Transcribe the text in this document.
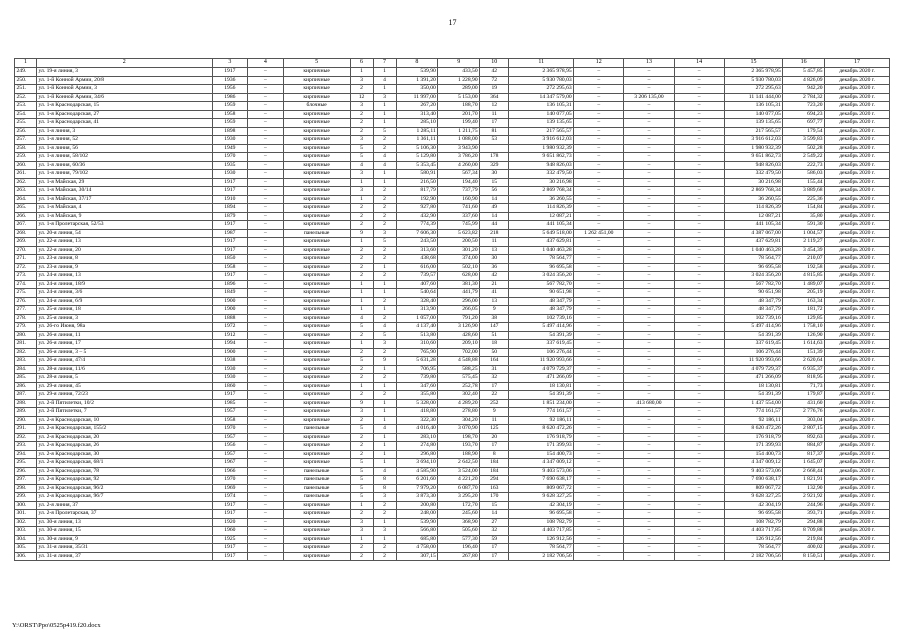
17
1	2	3	4	5	6	7	8	9	10	11	12	13	14	15	16	17
249.	ул. 19-я линия, 3	1917	–	кирпичные	1	1	539,90	433,50	42	2 365 978,95	–	–	–	2 365 978,95	5 457,85	декабрь 2020 г.
250.	ул. 1-й Конной Армии, 20/8	1936	–	кирпичные	3	4	1 391,20	1 228,90	72	5 930 780,03	–	–	–	5 930 780,03	4 826,09	декабрь 2020 г.
251.	ул. 1-й Конной Армии, 3	1956	–	кирпичные	2	1	350,00	289,00	19	272 295,63	–	–	–	272 295,63	942,20	декабрь 2020 г.
252.	ул. 1-й Конной Армии, 34/6	1986	–	кирпичные	12	3	11 997,00	5 153,00	364	14 347 579,00	–	3 206 135,00	–	11 141 444,00	2 784,32	декабрь 2020 г.
253.	ул. 1-я Краснодарская, 15	1959	–	блочные	3	1	267,20	188,70	12	136 105,31	–	–	–	136 105,31	723,20	декабрь 2020 г.
254.	ул. 1-я Краснодарская, 27	1958	–	кирпичные	2	1	313,40	201,70	11	140 077,05	–	–	–	140 077,05	694,23	декабрь 2020 г.
255.	ул. 1-я Краснодарская, 41	1959	–	кирпичные	2	1	285,10	199,40	17	139 135,65	–	–	–	139 135,65	697,77	декабрь 2020 г.
256.	ул. 1-я линия, 3	1898	–	кирпичные	2	5	1 285,11	1 211,75	81	217 565,57	–	–	–	217 565,57	179,54	декабрь 2020 г.
257.	ул. 1-я линия, 52	1930	–	кирпичные	3	2	1 361,11	1 088,00	53	3 916 612,03	–	–	–	3 916 612,03	3 599,83	декабрь 2020 г.
258.	ул. 1-я линия, 56	1949	–	кирпичные	5	2	5 106,30	3 943,90		1 980 932,39	–	–	–	1 980 932,39	502,28	декабрь 2020 г.
259.	ул. 1-я линия, 58/102	1970	–	кирпичные	5	4	5 129,80	3 786,20	178	9 651 862,73	–	–	–	9 651 862,73	2 549,22	декабрь 2020 г.
260.	ул. 1-я линия, 60/36	1935	–	кирпичные	4	4	5 353,45	4 260,00	329	948 826,03	–	–	–	948 826,03	222,73	декабрь 2020 г.
261.	ул. 1-я линия, 79/102	1930	–	кирпичные	3	1	580,91	567,34	30	332 479,50	–	–	–	332 479,50	586,03	декабрь 2020 г.
262.	ул. 1-я Майская, 29	1917	–	кирпичные	1	1	216,50	194,40	15	30 216,98	–	–	–	30 216,98	155,44	декабрь 2020 г.
263.	ул. 1-я Майская, 30/14	1917	–	кирпичные	3	2	817,79	737,79	56	2 869 768,34	–	–	–	2 869 768,34	3 889,68	декабрь 2020 г.
264.	ул. 1-я Майская, 37/17	1910	–	кирпичные	1	2	192,90	160,90	14	36 260,55	–	–	–	36 260,55	225,36	декабрь 2020 г.
265.	ул. 1-я Майская, 4	1894	–	кирпичные	2	2	927,80	741,60	49	114 826,39	–	–	–	114 826,39	154,84	декабрь 2020 г.
266.	ул. 1-я Майская, 9	1879	–	кирпичные	2	2	432,90	337,60	14	12 087,21	–	–	–	12 087,21	35,80	декабрь 2020 г.
267.	ул. 1-я Пролетарская, 52/53	1917	–	кирпичные	2	2	774,39	745,99	44	441 105,34	–	–	–	441 105,34	591,30	декабрь 2020 г.
268.	ул. 20-я линия, 54	1987	–	панельные	9	3	7 606,30	5 623,82	218	5 649 518,00	1 262 451,00	–	–	4 387 067,00	1 004,57	декабрь 2020 г.
269.	ул. 22-я линия, 13	1917	–	кирпичные	1	5	243,50	200,50	11	437 629,81	–	–	–	437 629,81	2 119,27	декабрь 2020 г.
270.	ул. 22-я линия, 20	1917	–	кирпичные	2	2	313,60	301,20	13	1 040 463,28	–	–	–	1 040 463,28	3 454,39	декабрь 2020 г.
271.	ул. 23-я линия, 8	1850	–	кирпичные	2	2	438,68	374,00	30	78 564,77	–	–	–	78 564,77	210,07	декабрь 2020 г.
272.	ул. 23-я линия, 9	1958	–	кирпичные	2	1	616,00	502,10	36	96 695,58	–	–	–	96 695,58	192,58	декабрь 2020 г.
273.	ул. 24-я линия, 13	1917	–	кирпичные	2	2	739,57	628,00	42	3 024 356,20	–	–	–	3 024 356,20	4 815,85	декабрь 2020 г.
274.	ул. 24-я линия, 18/9	1896	–	кирпичные	1	1	407,60	381,30	21	567 782,70	–	–	–	567 782,70	1 489,07	декабрь 2020 г.
275.	ул. 24-я линия, 3/6	1849	–	кирпичные	1	1	540,64	441,79	41	90 651,98	–	–	–	90 651,98	205,19	декабрь 2020 г.
276.	ул. 24-я линия, 6/9	1900	–	кирпичные	1	2	328,40	296,00	13	48 347,79	–	–	–	48 347,79	163,34	декабрь 2020 г.
277.	ул. 25-я линия, 18	1900	–	кирпичные	1	1	313,90	266,05	9	48 347,79	–	–	–	48 347,79	181,72	декабрь 2020 г.
278.	ул. 25-я линия, 3	1888	–	кирпичные	4	2	1 057,00	791,20	38	102 739,16	–	–	–	102 739,16	129,85	декабрь 2020 г.
279.	ул. 26-го Июня, 98а	1972	–	кирпичные	5	4	4 137,40	3 126,90	147	5 497 414,96	–	–	–	5 497 414,96	1 758,10	декабрь 2020 г.
280.	ул. 26-я линия, 11	1912	–	кирпичные	2	5	513,80	428,60	51	54 391,39	–	–	–	54 391,39	126,90	декабрь 2020 г.
281.	ул. 26-я линия, 17	1994	–	кирпичные	1	3	310,60	209,10	18	337 619,45	–	–	–	337 619,45	1 614,63	декабрь 2020 г.
282.	ул. 26-я линия, 3 – 5	1900	–	кирпичные	2	2	765,90	702,00	50	106 276,44	–	–	–	106 276,44	151,39	декабрь 2020 г.
283.	ул. 26-я линия, 47/4	1938	–	кирпичные	5	9	5 631,28	4 548,88	164	11 920 993,66	–	–	–	11 920 993,66	2 620,64	декабрь 2020 г.
284.	ул. 28-я линия, 11/6	1930	–	кирпичные	2	1	706,95	588,25	31	4 079 729,37	–	–	–	4 079 729,37	6 935,37	декабрь 2020 г.
285.	ул. 28-я линия, 5	1930	–	кирпичные	2	2	739,80	575,45	32	471 266,09	–	–	–	471 266,09	818,95	декабрь 2020 г.
286.	ул. 29-я линия, 45	1860	–	кирпичные	1	1	347,60	252,78	17	18 130,81	–	–	–	18 130,81	71,73	декабрь 2020 г.
287.	ул. 29-я линия, 72/23	1917	–	кирпичные	2	2	355,80	302,40	22	54 391,39	–	–	–	54 391,39	179,87	декабрь 2020 г.
288.	ул. 2-й Пятилетки, 10/2	1985	–	кирпичные	9	1	5 328,00	4 289,20	252	1 851 234,00	–	413 680,00	–	1 437 554,00	431,60	декабрь 2020 г.
289.	ул. 2-й Пятилетки, 7	1957	–	кирпичные	3	1	418,80	278,80	9	774 161,57	–	–	–	774 161,57	2 776,76	декабрь 2020 г.
290.	ул. 2-я Краснодарская, 10	1958	–	кирпичные	2	1	322,30	304,20	11	92 186,11	–	–	–	92 186,11	303,04	декабрь 2020 г.
291.	ул. 2-я Краснодарская, 155/2	1970	–	панельные	5	4	4 016,40	3 070,90	125	8 620 472,26	–	–	–	8 620 472,26	2 807,15	декабрь 2020 г.
292.	ул. 2-я Краснодарская, 20	1957	–	кирпичные	2	1	283,10	198,70	20	176 918,79	–	–	–	176 918,79	892,63	декабрь 2020 г.
293.	ул. 2-я Краснодарская, 26	1956	–	кирпичные	2	1	274,80	193,70	17	171 399,93	–	–	–	171 399,93	884,87	декабрь 2020 г.
294.	ул. 2-я Краснодарская, 30	1957	–	кирпичные	2	1	296,80	188,90	8	154 400,73	–	–	–	154 400,73	817,37	декабрь 2020 г.
295.	ул. 2-я Краснодарская, 68/1	1967	–	кирпичные	5	1	3 694,10	2 642,50	184	4 347 009,12	–	–	–	4 347 009,12	1 645,07	декабрь 2020 г.
296.	ул. 2-я Краснодарская, 78	1966	–	панельные	5	4	4 585,90	3 524,00	184	9 403 573,06	–	–	–	9 403 573,06	2 668,44	декабрь 2020 г.
297.	ул. 2-я Краснодарская, 92	1970	–	панельные	5	8	6 201,60	4 221,20	294	7 690 638,17	–	–	–	7 690 638,17	1 821,91	декабрь 2020 г.
298.	ул. 2-я Краснодарская, 96/2	1969	–	панельные	5	8	7 979,20	6 087,70	163	809 067,72	–	–	–	809 067,72	132,90	декабрь 2020 г.
299.	ул. 2-я Краснодарская, 96/7	1974	–	панельные	5	3	3 873,30	3 295,20	170	9 628 327,25	–	–	–	9 628 327,25	2 921,92	декабрь 2020 г.
300.	ул. 2-я линия, 37	1917	–	кирпичные	1	2	200,80	172,70	15	42 304,19	–	–	–	42 304,19	244,96	декабрь 2020 г.
301.	ул. 2-я Пролетарская, 37	1917	–	кирпичные	2	2	248,00	245,60	14	96 695,58	–	–	–	96 695,58	393,71	декабрь 2020 г.
302.	ул. 30-я линия, 13	1920	–	кирпичные	3	1	539,90	368,90	27	108 782,79	–	–	–	108 782,79	294,88	декабрь 2020 г.
303.	ул. 30-я линия, 15	1960	–	кирпичные	3	3	566,80	505,60	32	4 403 717,85	–	–	–	4 403 717,85	8 709,88	декабрь 2020 г.
304.	ул. 30-я линия, 9	1925	–	кирпичные	1	1	685,80	577,30	59	126 912,56	–	–	–	126 912,56	219,84	декабрь 2020 г.
305.	ул. 31-я линия, 35/31	1917	–	кирпичные	2	2	4 758,00	196,40	17	78 564,77	–	–	–	78 564,77	400,02	декабрь 2020 г.
306.	ул. 31-я линия, 37	1917	–	кирпичные	2	2	307,15	267,80	17	2 182 706,56	–	–	–	2 182 706,56	8 150,51	декабрь 2020 г.
Y:\ORST\Ppo\0525p419.f20.docx
